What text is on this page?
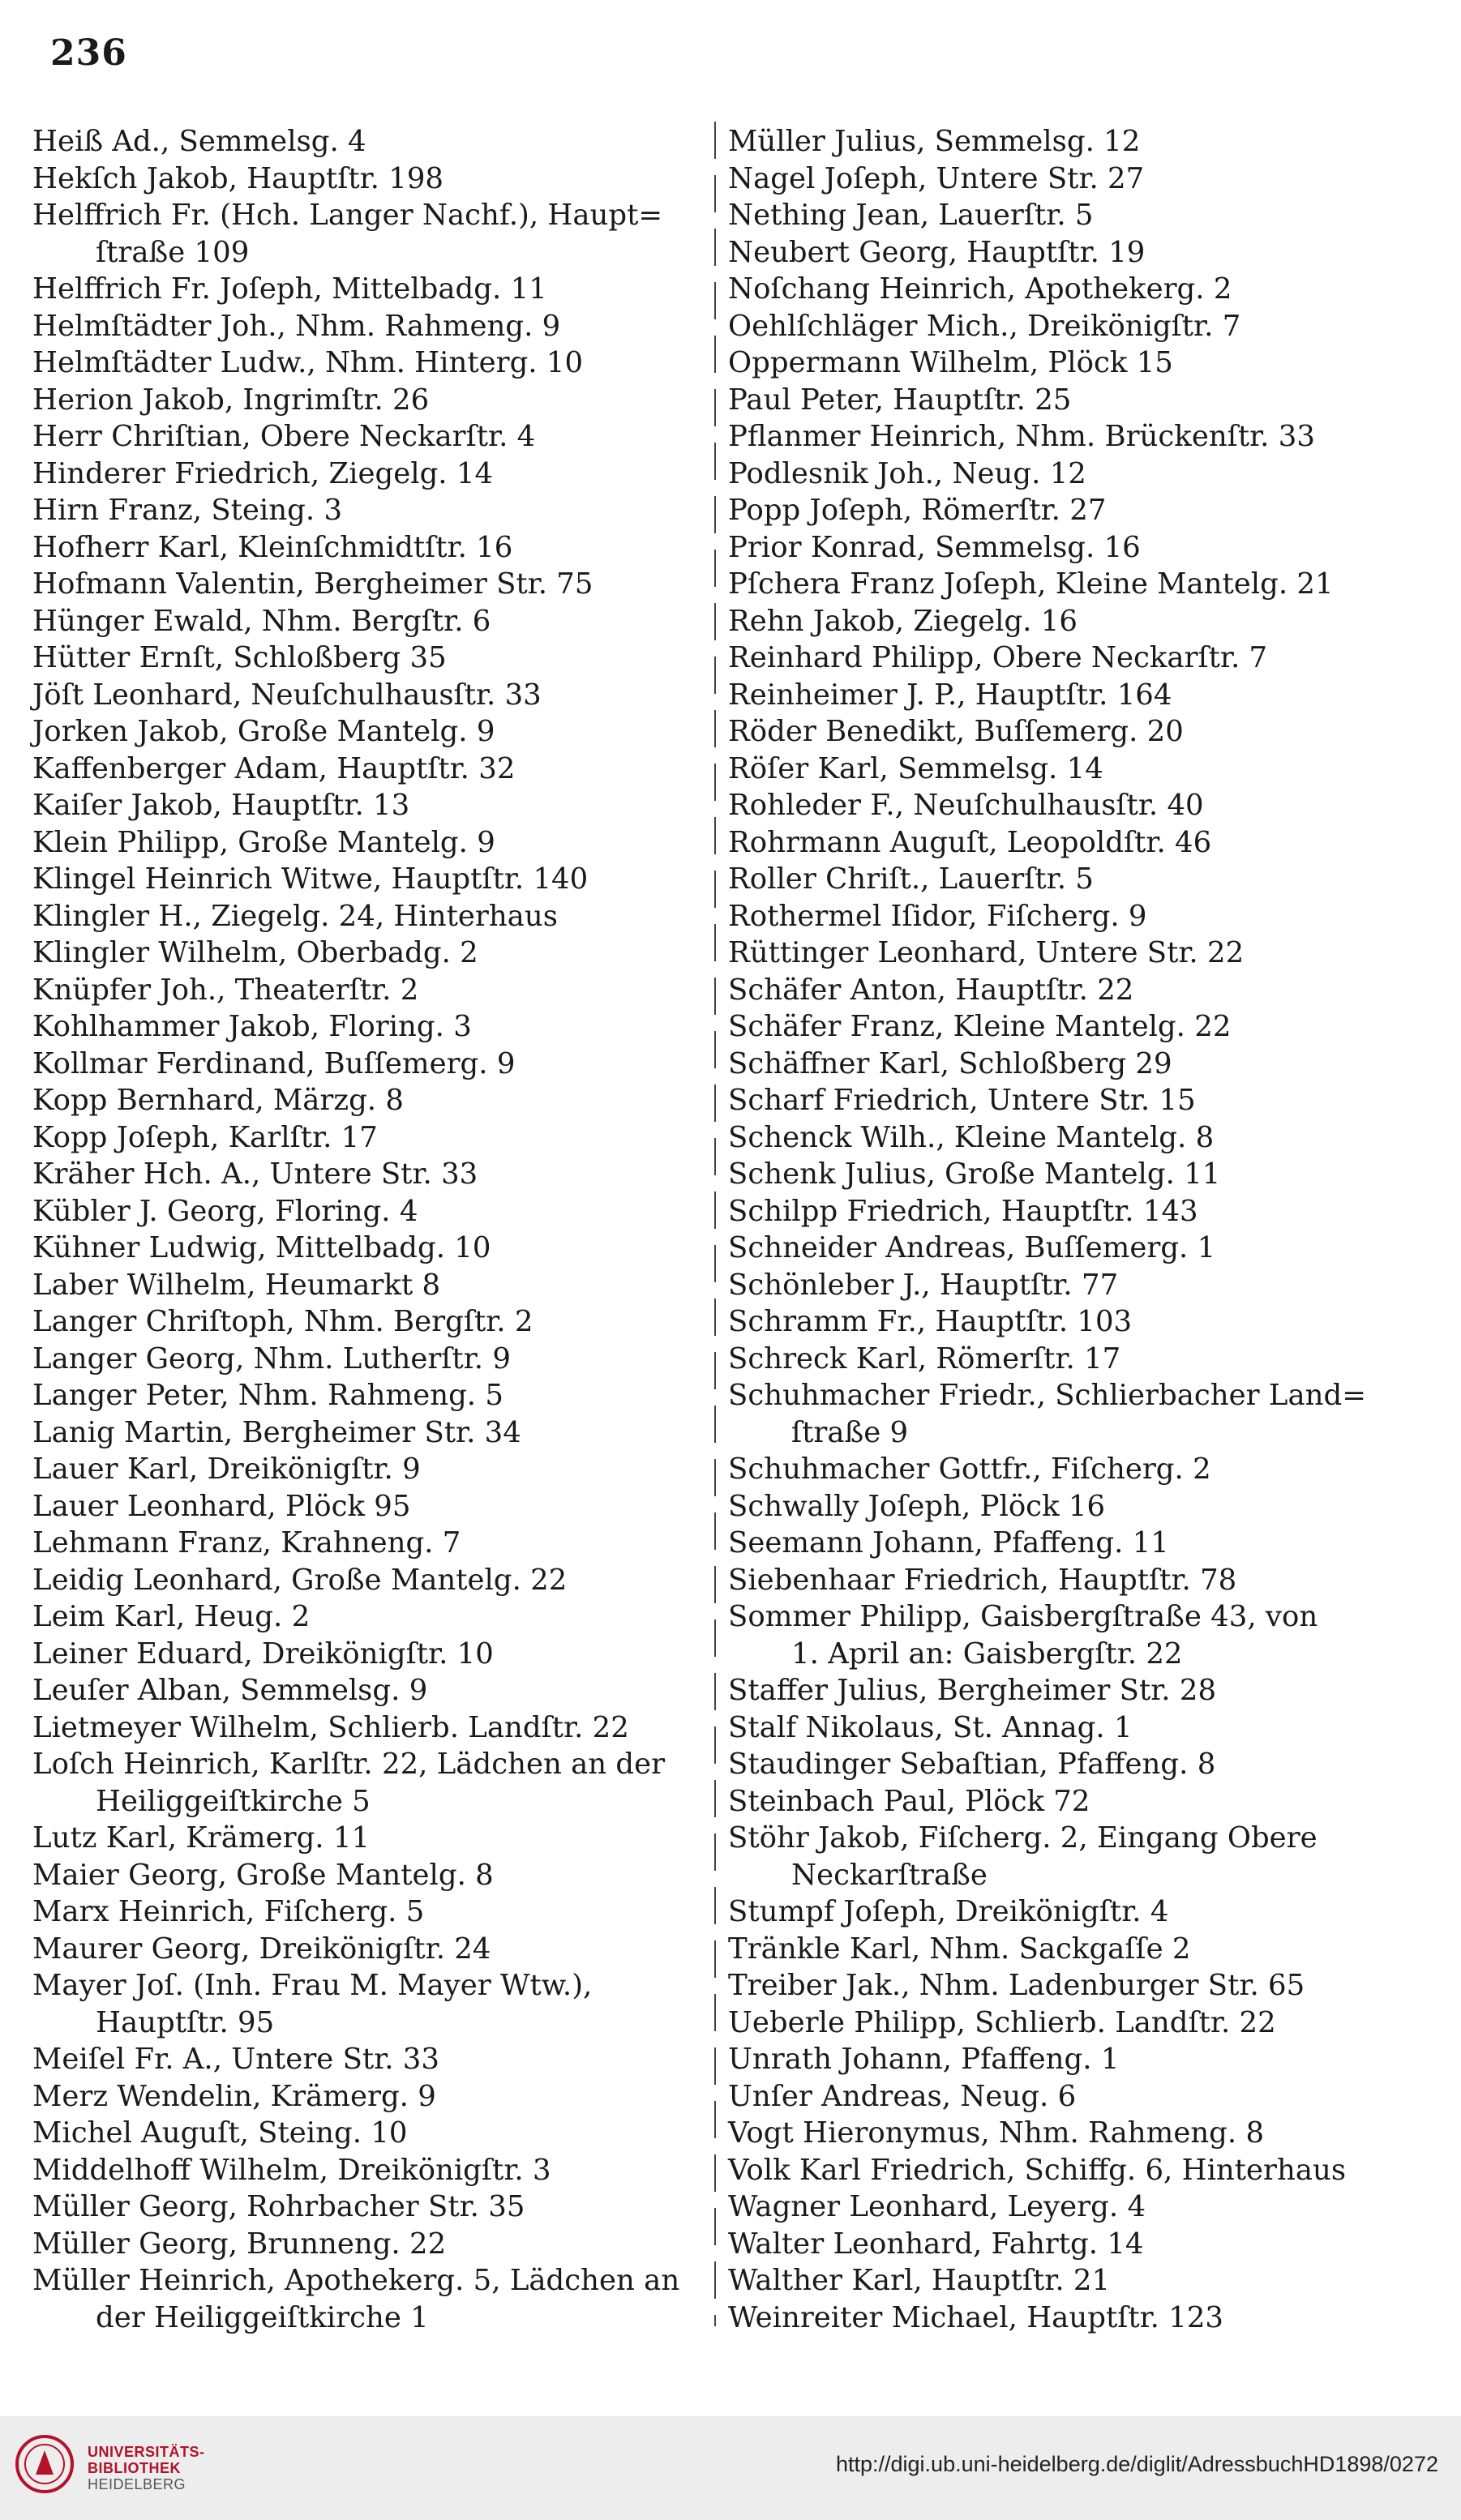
236
Heiß Ad., Semmelsg. 4
Hekſch Jakob, Hauptſtr. 198
Helffrich Fr. (Hch. Langer Nachf.), Haupt=
ſtraße 109
Helffrich Fr. Joſeph, Mittelbadg. 11
Helmſtädter Joh., Nhm. Rahmeng. 9
Helmſtädter Ludw., Nhm. Hinterg. 10
Herion Jakob, Ingrimſtr. 26
Herr Chriſtian, Obere Neckarſtr. 4
Hinderer Friedrich, Ziegelg. 14
Hirn Franz, Steing. 3
Hofherr Karl, Kleinſchmidtſtr. 16
Hofmann Valentin, Bergheimer Str. 75
Hünger Ewald, Nhm. Bergſtr. 6
Hütter Ernſt, Schloßberg 35
Jöſt Leonhard, Neuſchulhausſtr. 33
Jorken Jakob, Große Mantelg. 9
Kaffenberger Adam, Hauptſtr. 32
Kaiſer Jakob, Hauptſtr. 13
Klein Philipp, Große Mantelg. 9
Klingel Heinrich Witwe, Hauptſtr. 140
Klingler H., Ziegelg. 24, Hinterhaus
Klingler Wilhelm, Oberbadg. 2
Knüpfer Joh., Theaterſtr. 2
Kohlhammer Jakob, Floring. 3
Kollmar Ferdinand, Buſſemerg. 9
Kopp Bernhard, Märzg. 8
Kopp Joſeph, Karlſtr. 17
Kräher Hch. A., Untere Str. 33
Kübler J. Georg, Floring. 4
Kühner Ludwig, Mittelbadg. 10
Laber Wilhelm, Heumarkt 8
Langer Chriſtoph, Nhm. Bergſtr. 2
Langer Georg, Nhm. Lutherſtr. 9
Langer Peter, Nhm. Rahmeng. 5
Lanig Martin, Bergheimer Str. 34
Lauer Karl, Dreikönigſtr. 9
Lauer Leonhard, Plöck 95
Lehmann Franz, Krahneng. 7
Leidig Leonhard, Große Mantelg. 22
Leim Karl, Heug. 2
Leiner Eduard, Dreikönigſtr. 10
Leuſer Alban, Semmelsg. 9
Lietmeyer Wilhelm, Schlierb. Landſtr. 22
Loſch Heinrich, Karlſtr. 22, Lädchen an der
Heiliggeiſtkirche 5
Lutz Karl, Krämerg. 11
Maier Georg, Große Mantelg. 8
Marx Heinrich, Fiſcherg. 5
Maurer Georg, Dreikönigſtr. 24
Mayer Joſ. (Inh. Frau M. Mayer Wtw.),
Hauptſtr. 95
Meiſel Fr. A., Untere Str. 33
Merz Wendelin, Krämerg. 9
Michel Auguſt, Steing. 10
Middelhoff Wilhelm, Dreikönigſtr. 3
Müller Georg, Rohrbacher Str. 35
Müller Georg, Brunneng. 22
Müller Heinrich, Apothekerg. 5, Lädchen an
der Heiliggeiſtkirche 1
Müller Julius, Semmelsg. 12
Nagel Joſeph, Untere Str. 27
Nething Jean, Lauerſtr. 5
Neubert Georg, Hauptſtr. 19
Noſchang Heinrich, Apothekerg. 2
Oehlſchläger Mich., Dreikönigſtr. 7
Oppermann Wilhelm, Plöck 15
Paul Peter, Hauptſtr. 25
Pflanmer Heinrich, Nhm. Brückenſtr. 33
Podlesnik Joh., Neug. 12
Popp Joſeph, Römerſtr. 27
Prior Konrad, Semmelsg. 16
Pſchera Franz Joſeph, Kleine Mantelg. 21
Rehn Jakob, Ziegelg. 16
Reinhard Philipp, Obere Neckarſtr. 7
Reinheimer J. P., Hauptſtr. 164
Röder Benedikt, Buſſemerg. 20
Röſer Karl, Semmelsg. 14
Rohleder F., Neuſchulhausſtr. 40
Rohrmann Auguſt, Leopoldſtr. 46
Roller Chriſt., Lauerſtr. 5
Rothermel Iſidor, Fiſcherg. 9
Rüttinger Leonhard, Untere Str. 22
Schäfer Anton, Hauptſtr. 22
Schäfer Franz, Kleine Mantelg. 22
Schäffner Karl, Schloßberg 29
Scharf Friedrich, Untere Str. 15
Schenck Wilh., Kleine Mantelg. 8
Schenk Julius, Große Mantelg. 11
Schilpp Friedrich, Hauptſtr. 143
Schneider Andreas, Buſſemerg. 1
Schönleber J., Hauptſtr. 77
Schramm Fr., Hauptſtr. 103
Schreck Karl, Römerſtr. 17
Schuhmacher Friedr., Schlierbacher Land=
ſtraße 9
Schuhmacher Gottfr., Fiſcherg. 2
Schwally Joſeph, Plöck 16
Seemann Johann, Pfaffeng. 11
Siebenhaar Friedrich, Hauptſtr. 78
Sommer Philipp, Gaisbergſtraße 43, von
1. April an: Gaisbergſtr. 22
Staffer Julius, Bergheimer Str. 28
Stalf Nikolaus, St. Annag. 1
Staudinger Sebaſtian, Pfaffeng. 8
Steinbach Paul, Plöck 72
Stöhr Jakob, Fiſcherg. 2, Eingang Obere
Neckarſtraße
Stumpf Joſeph, Dreikönigſtr. 4
Tränkle Karl, Nhm. Sackgaſſe 2
Treiber Jak., Nhm. Ladenburger Str. 65
Ueberle Philipp, Schlierb. Landſtr. 22
Unrath Johann, Pfaffeng. 1
Unſer Andreas, Neug. 6
Vogt Hieronymus, Nhm. Rahmeng. 8
Volk Karl Friedrich, Schiffg. 6, Hinterhaus
Wagner Leonhard, Leyerg. 4
Walter Leonhard, Fahrtg. 14
Walther Karl, Hauptſtr. 21
Weinreiter Michael, Hauptſtr. 123
UNIVERSITÄTS-
BIBLIOTHEK
HEIDELBERG
http://digi.ub.uni-heidelberg.de/diglit/AdressbuchHD1898/0272
